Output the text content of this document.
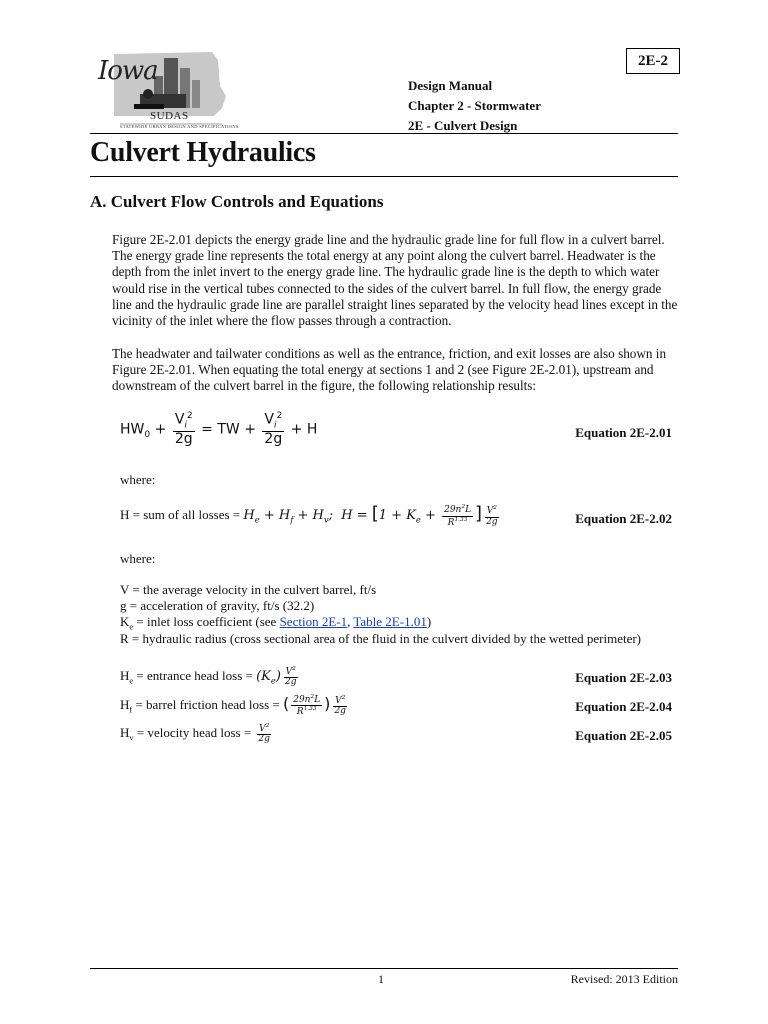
Iowa
SUDAS
STATEWIDE URBAN DESIGN AND SPECIFICATIONS
Design Manual
Chapter 2 - Stormwater
2E - Culvert Design
2E-2
Culvert Hydraulics
A. Culvert Flow Controls and Equations

Figure 2E-2.01 depicts the energy grade line and the hydraulic grade line for full flow in a culvert barrel. The energy grade line represents the total energy at any point along the culvert barrel. Headwater is the depth from the inlet invert to the energy grade line. The hydraulic grade line is the depth to which water would rise in the vertical tubes connected to the sides of the culvert barrel. In full flow, the energy grade line and the hydraulic grade line are parallel straight lines separated by the velocity head lines except in the vicinity of the inlet where the flow passes through a contraction.

The headwater and tailwater conditions as well as the entrance, friction, and exit losses are also shown in Figure 2E-2.01. When equating the total energy at sections 1 and 2 (see Figure 2E-2.01), upstream and downstream of the culvert barrel in the figure, the following relationship results:

$HW_0 + \frac{V_i^2}{2g}$ = TW + $\frac{V_i^2}{2g} + H$	Equation 2E-2.01
where:
H = sum of all losses = $H_e + H_f + H_v$;  $H = [1 + K_e + \frac{29n^2L}{R^{1.33}}$ ] $\frac{V^2}{2g}$	Equation 2E-2.02
where:
V = the average velocity in the culvert barrel, ft/s
g = acceleration of gravity, ft/s (32.2)
$K_e$ = inlet loss coefficient (see Section 2E-1, Table 2E-1.01)
R = hydraulic radius (cross sectional area of the fluid in the culvert divided by the wetted perimeter)
$H_e$ = entrance head loss = $(K_e) \frac{V^2}{2g}$	Equation 2E-2.03
$H_f$ = barrel friction head loss = ( $\frac{29n^2L}{R^{1.33}}$ ) $\frac{V^2}{2g}$	Equation 2E-2.04
$H_v$ = velocity head loss = $\frac{V^2}{2g}$	Equation 2E-2.05
1	Revised: 2013 Edition
